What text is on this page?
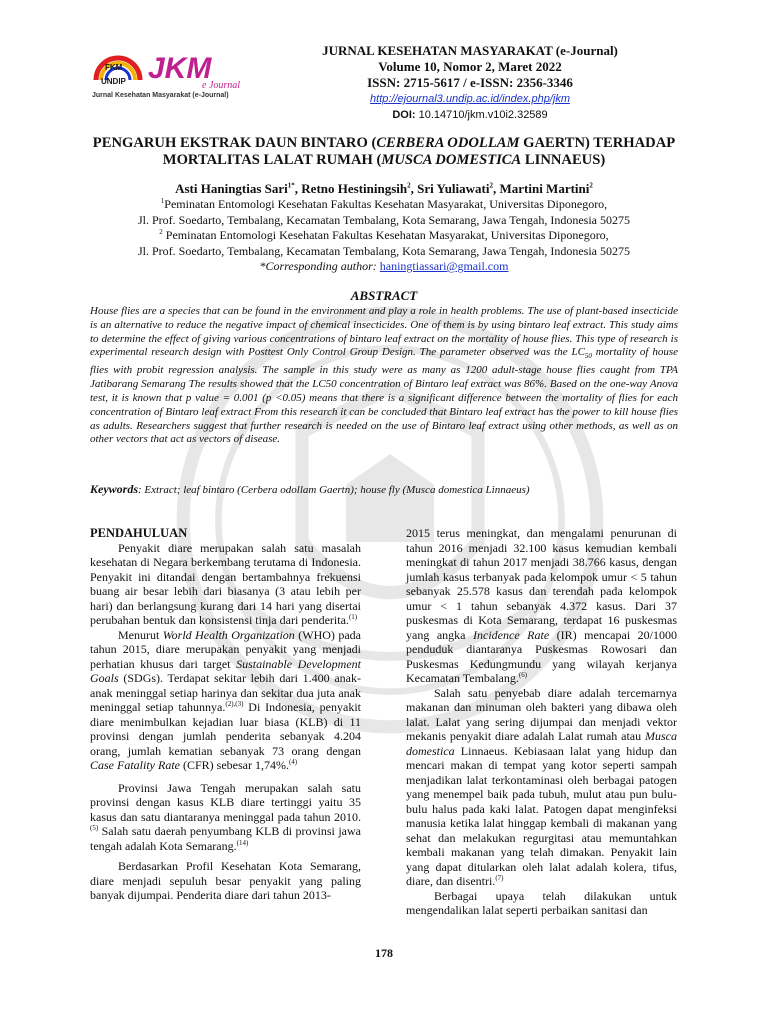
FKM
UNDIP JKM
e Journal
Jurnal Kesehatan Masyarakat (e-Journal)
JURNAL KESEHATAN MASYARAKAT (e-Journal)
Volume 10, Nomor 2, Maret 2022
ISSN: 2715-5617 / e-ISSN: 2356-3346
http://ejournal3.undip.ac.id/index.php/jkm
DOI: 10.14710/jkm.v10i2.32589
PENGARUH EKSTRAK DAUN BINTARO (CERBERA ODOLLAM GAERTN) TERHADAP MORTALITAS LALAT RUMAH (MUSCA DOMESTICA LINNAEUS)
Asti Haningtias Sari$^{1*}$, Retno Hestiningsih$^2$, Sri Yuliawati$^2$, Martini Martini$^2$
$^1$Peminatan Entomologi Kesehatan Fakultas Kesehatan Masyarakat, Universitas Diponegoro,
Jl. Prof. Soedarto, Tembalang, Kecamatan Tembalang, Kota Semarang, Jawa Tengah, Indonesia 50275
$^2$ Peminatan Entomologi Kesehatan Fakultas Kesehatan Masyarakat, Universitas Diponegoro,
Jl. Prof. Soedarto, Tembalang, Kecamatan Tembalang, Kota Semarang, Jawa Tengah, Indonesia 50275
*Corresponding author: haningtiassari@gmail.com
ABSTRACT
House flies are a species that can be found in the environment and play a role in health problems. The use of plant-based insecticide is an alternative to reduce the negative impact of chemical insecticides. One of them is by using bintaro leaf extract. This study aims to determine the effect of giving various concentrations of bintaro leaf extract on the mortality of house flies. This type of research is experimental research design with Posttest Only Control Group Design. The parameter observed was the $LC_{50}$ mortality of house flies with probit regression analysis. The sample in this study were as many as 1200 adult-stage house flies caught from TPA Jatibarang Semarang The results showed that the LC50 concentration of Bintaro leaf extract was 86%. Based on the one-way Anova test, it is known that p value = 0.001 (p <0.05) means that there is a significant difference between the mortality of flies for each concentration of Bintaro leaf extract From this research it can be concluded that Bintaro leaf extract has the power to kill house flies as adults. Researchers suggest that further research is needed on the use of Bintaro leaf extract using other methods, as well as on other vectors that act as vectors of disease.
Keywords: Extract; leaf bintaro (Cerbera odollam Gaertn); house fly (Musca domestica Linnaeus)

PENDAHULUAN

Penyakit diare merupakan salah satu masalah kesehatan di Negara berkembang terutama di Indonesia. Penyakit ini ditandai dengan bertambahnya frekuensi buang air besar lebih dari biasanya (3 atau lebih per hari) dan berlangsung kurang dari 14 hari yang disertai perubahan bentuk dan konsistensi tinja dari penderita.$^{(1)}$

Menurut World Health Organization (WHO) pada tahun 2015, diare merupakan penyakit yang menjadi perhatian khusus dari target Sustainable Development Goals (SDGs). Terdapat sekitar lebih dari 1.400 anak-anak meninggal setiap harinya dan sekitar dua juta anak meninggal setiap tahunnya.$^{(2),(3)}$ Di Indonesia, penyakit diare menimbulkan kejadian luar biasa (KLB) di 11 provinsi dengan jumlah penderita sebanyak 4.204 orang, jumlah kematian sebanyak 73 orang dengan Case Fatality Rate (CFR) sebesar 1,74%.$^{(4)}$

Provinsi Jawa Tengah merupakan salah satu provinsi dengan kasus KLB diare tertinggi yaitu 35 kasus dan satu diantaranya meninggal pada tahun 2010.$^{(5)}$ Salah satu daerah penyumbang KLB di provinsi jawa tengah adalah Kota Semarang.$^{(14)}$

Berdasarkan Profil Kesehatan Kota Semarang, diare menjadi sepuluh besar penyakit yang paling banyak dijumpai. Penderita diare dari tahun 2013-

2015 terus meningkat, dan mengalami penurunan di tahun 2016 menjadi 32.100 kasus kemudian kembali meningkat di tahun 2017 menjadi 38.766 kasus, dengan jumlah kasus terbanyak pada kelompok umur < 5 tahun sebanyak 25.578 kasus dan terendah pada kelompok umur < 1 tahun sebanyak 4.372 kasus. Dari 37 puskesmas di Kota Semarang, terdapat 16 puskesmas yang angka Incidence Rate (IR) mencapai 20/1000 penduduk diantaranya Puskesmas Rowosari dan Puskesmas Kedungmundu yang wilayah kerjanya Kecamatan Tembalang.$^{(6)}$

Salah satu penyebab diare adalah tercemarnya makanan dan minuman oleh bakteri yang dibawa oleh lalat. Lalat yang sering dijumpai dan menjadi vektor mekanis penyakit diare adalah Lalat rumah atau Musca domestica Linnaeus. Kebiasaan lalat yang hidup dan mencari makan di tempat yang kotor seperti sampah menjadikan lalat terkontaminasi oleh berbagai patogen yang menempel baik pada tubuh, mulut atau pun bulu-bulu halus pada kaki lalat. Patogen dapat menginfeksi manusia ketika lalat hinggap kembali di makanan yang sehat dan melakukan regurgitasi atau memuntahkan kembali makanan yang telah dimakan. Penyakit lain yang dapat ditularkan oleh lalat adalah kolera, tifus, diare, dan disentri.$^{(7)}$

Berbagai upaya telah dilakukan untuk mengendalikan lalat seperti perbaikan sanitasi dan

178
